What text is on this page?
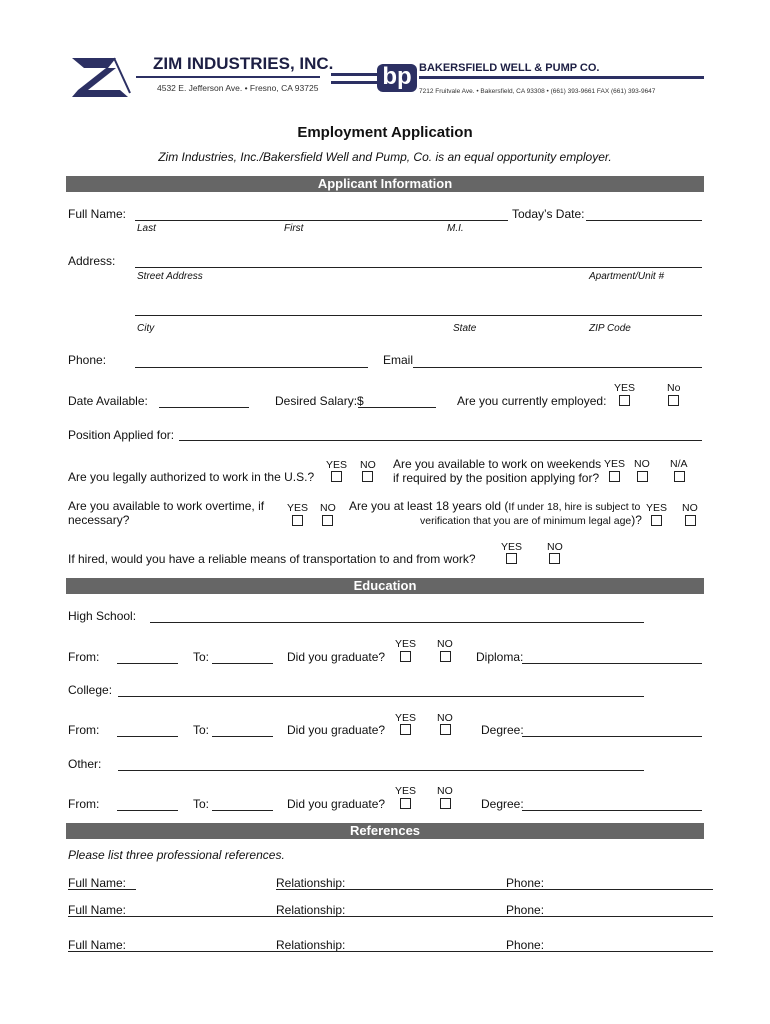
ZIM INDUSTRIES, INC.
4532 E. Jefferson Ave. • Fresno, CA 93725	bp BAKERSFIELD WELL & PUMP CO.
7212 Fruitvale Ave. • Bakersfield, CA 93308 • (661) 393-9661 FAX (661) 393-9647
Employment Application
Zim Industries, Inc./Bakersfield Well and Pump, Co. is an equal opportunity employer.
Applicant Information
Full Name:	Today’s Date:
Last	First	M.I.
Address:
Street Address	Apartment/Unit #
City	State	ZIP Code
Phone:	Email
YES	No
Date Available:	Desired Salary:$	Are you currently employed:
Position Applied for:
YES NO
Are you legally authorized to work in the U.S.?
Are you available to work on weekends YES NO N/A
if required by the position applying for?
Are you available to work overtime, if
necessary?
YES NO Are you at least 18 years old (If under 18, hire is subject to
verification that you are of minimum legal age)?
YES NO
YES NO
If hired, would you have a reliable means of transportation to and from work?
Education
High School:
YES NO
From:	To:	Did you graduate?	Diploma:
College:
YES NO
From:	To:	Did you graduate?	Degree:
Other:
YES NO
From:	To:	Did you graduate?	Degree:
References
Please list three professional references.
Full Name:	Relationship:	Phone:
Full Name:	Relationship:	Phone:
Full Name:	Relationship:	Phone:
